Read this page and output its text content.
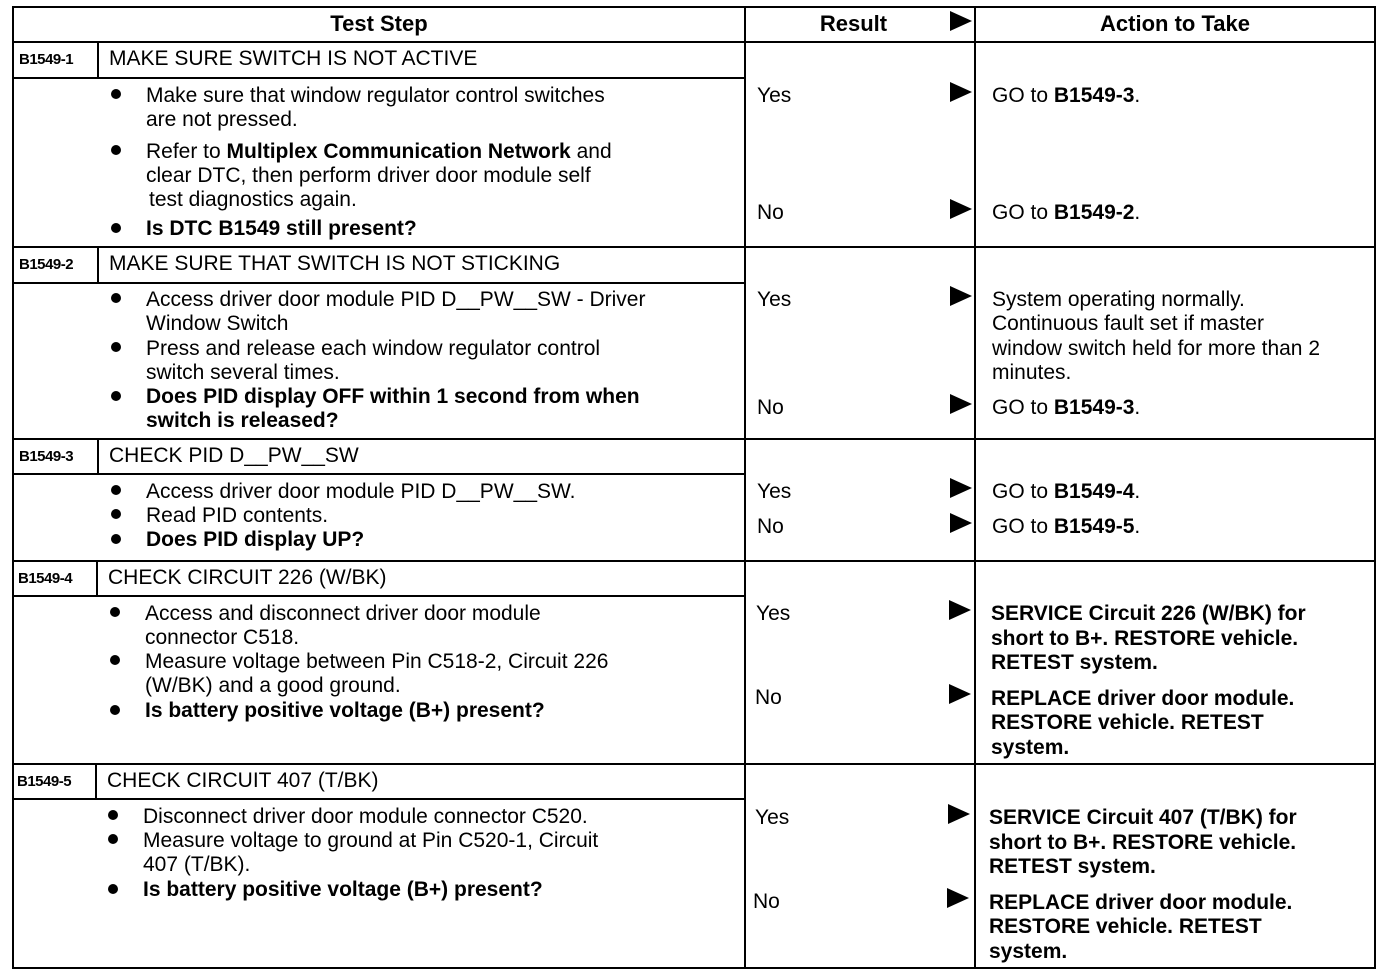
Test Step	Result	Action to Take
B1549-1 MAKE SURE SWITCH IS NOT ACTIVE
Make sure that window regulator control switches
are not pressed.
Refer to Multiplex Communication Network and
clear DTC, then perform driver door module self
test diagnostics again.
Is DTC B1549 still present?
Yes	GO to B1549-3.
No	GO to B1549-2.
B1549-2 MAKE SURE THAT SWITCH IS NOT STICKING
Access driver door module PID D__PW__SW - Driver
Window Switch
Press and release each window regulator control
switch several times.
Does PID display OFF within 1 second from when
switch is released?
Yes	System operating normally.
Continuous fault set if master
window switch held for more than 2
minutes.
No	GO to B1549-3.
B1549-3 CHECK PID D__PW__SW
Access driver door module PID D__PW__SW.
Read PID contents.
Does PID display UP?
Yes	GO to B1549-4.
No	GO to B1549-5.
B1549-4 CHECK CIRCUIT 226 (W/BK)
Access and disconnect driver door module
connector C518.
Measure voltage between Pin C518-2, Circuit 226
(W/BK) and a good ground.
Is battery positive voltage (B+) present?
Yes	SERVICE Circuit 226 (W/BK) for
short to B+. RESTORE vehicle.
RETEST system.
No	REPLACE driver door module.
RESTORE vehicle. RETEST
system.
B1549-5 CHECK CIRCUIT 407 (T/BK)
Disconnect driver door module connector C520.
Measure voltage to ground at Pin C520-1, Circuit
407 (T/BK).
Is battery positive voltage (B+) present?
Yes	SERVICE Circuit 407 (T/BK) for
short to B+. RESTORE vehicle.
RETEST system.
No	REPLACE driver door module.
RESTORE vehicle. RETEST
system.
